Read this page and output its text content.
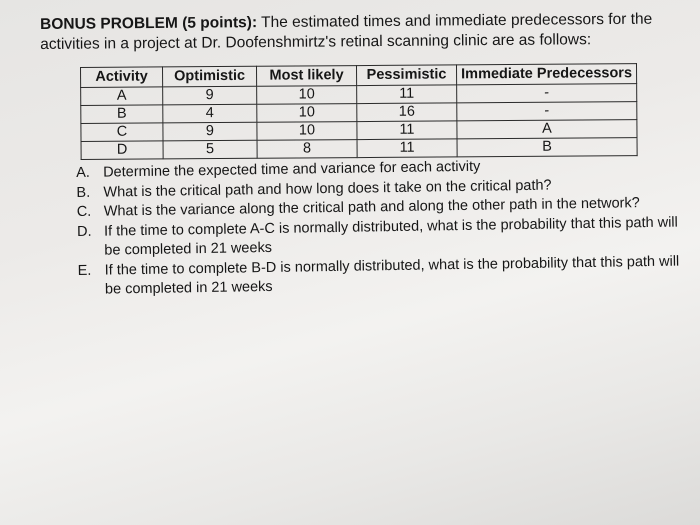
BONUS PROBLEM (5 points): The estimated times and immediate predecessors for the activities in a project at Dr. Doofenshmirtz's retinal scanning clinic are as follows:
Activity	Optimistic	Most likely	Pessimistic	Immediate Predecessors
A	9	10	11	-
B	4	10	16	-
C	9	10	11	A
D	5	8	11	B
A. Determine the expected time and variance for each activity
B. What is the critical path and how long does it take on the critical path?
C. What is the variance along the critical path and along the other path in the network?
D. If the time to complete A-C is normally distributed, what is the probability that this path will be completed in 21 weeks
E. If the time to complete B-D is normally distributed, what is the probability that this path will be completed in 21 weeks
